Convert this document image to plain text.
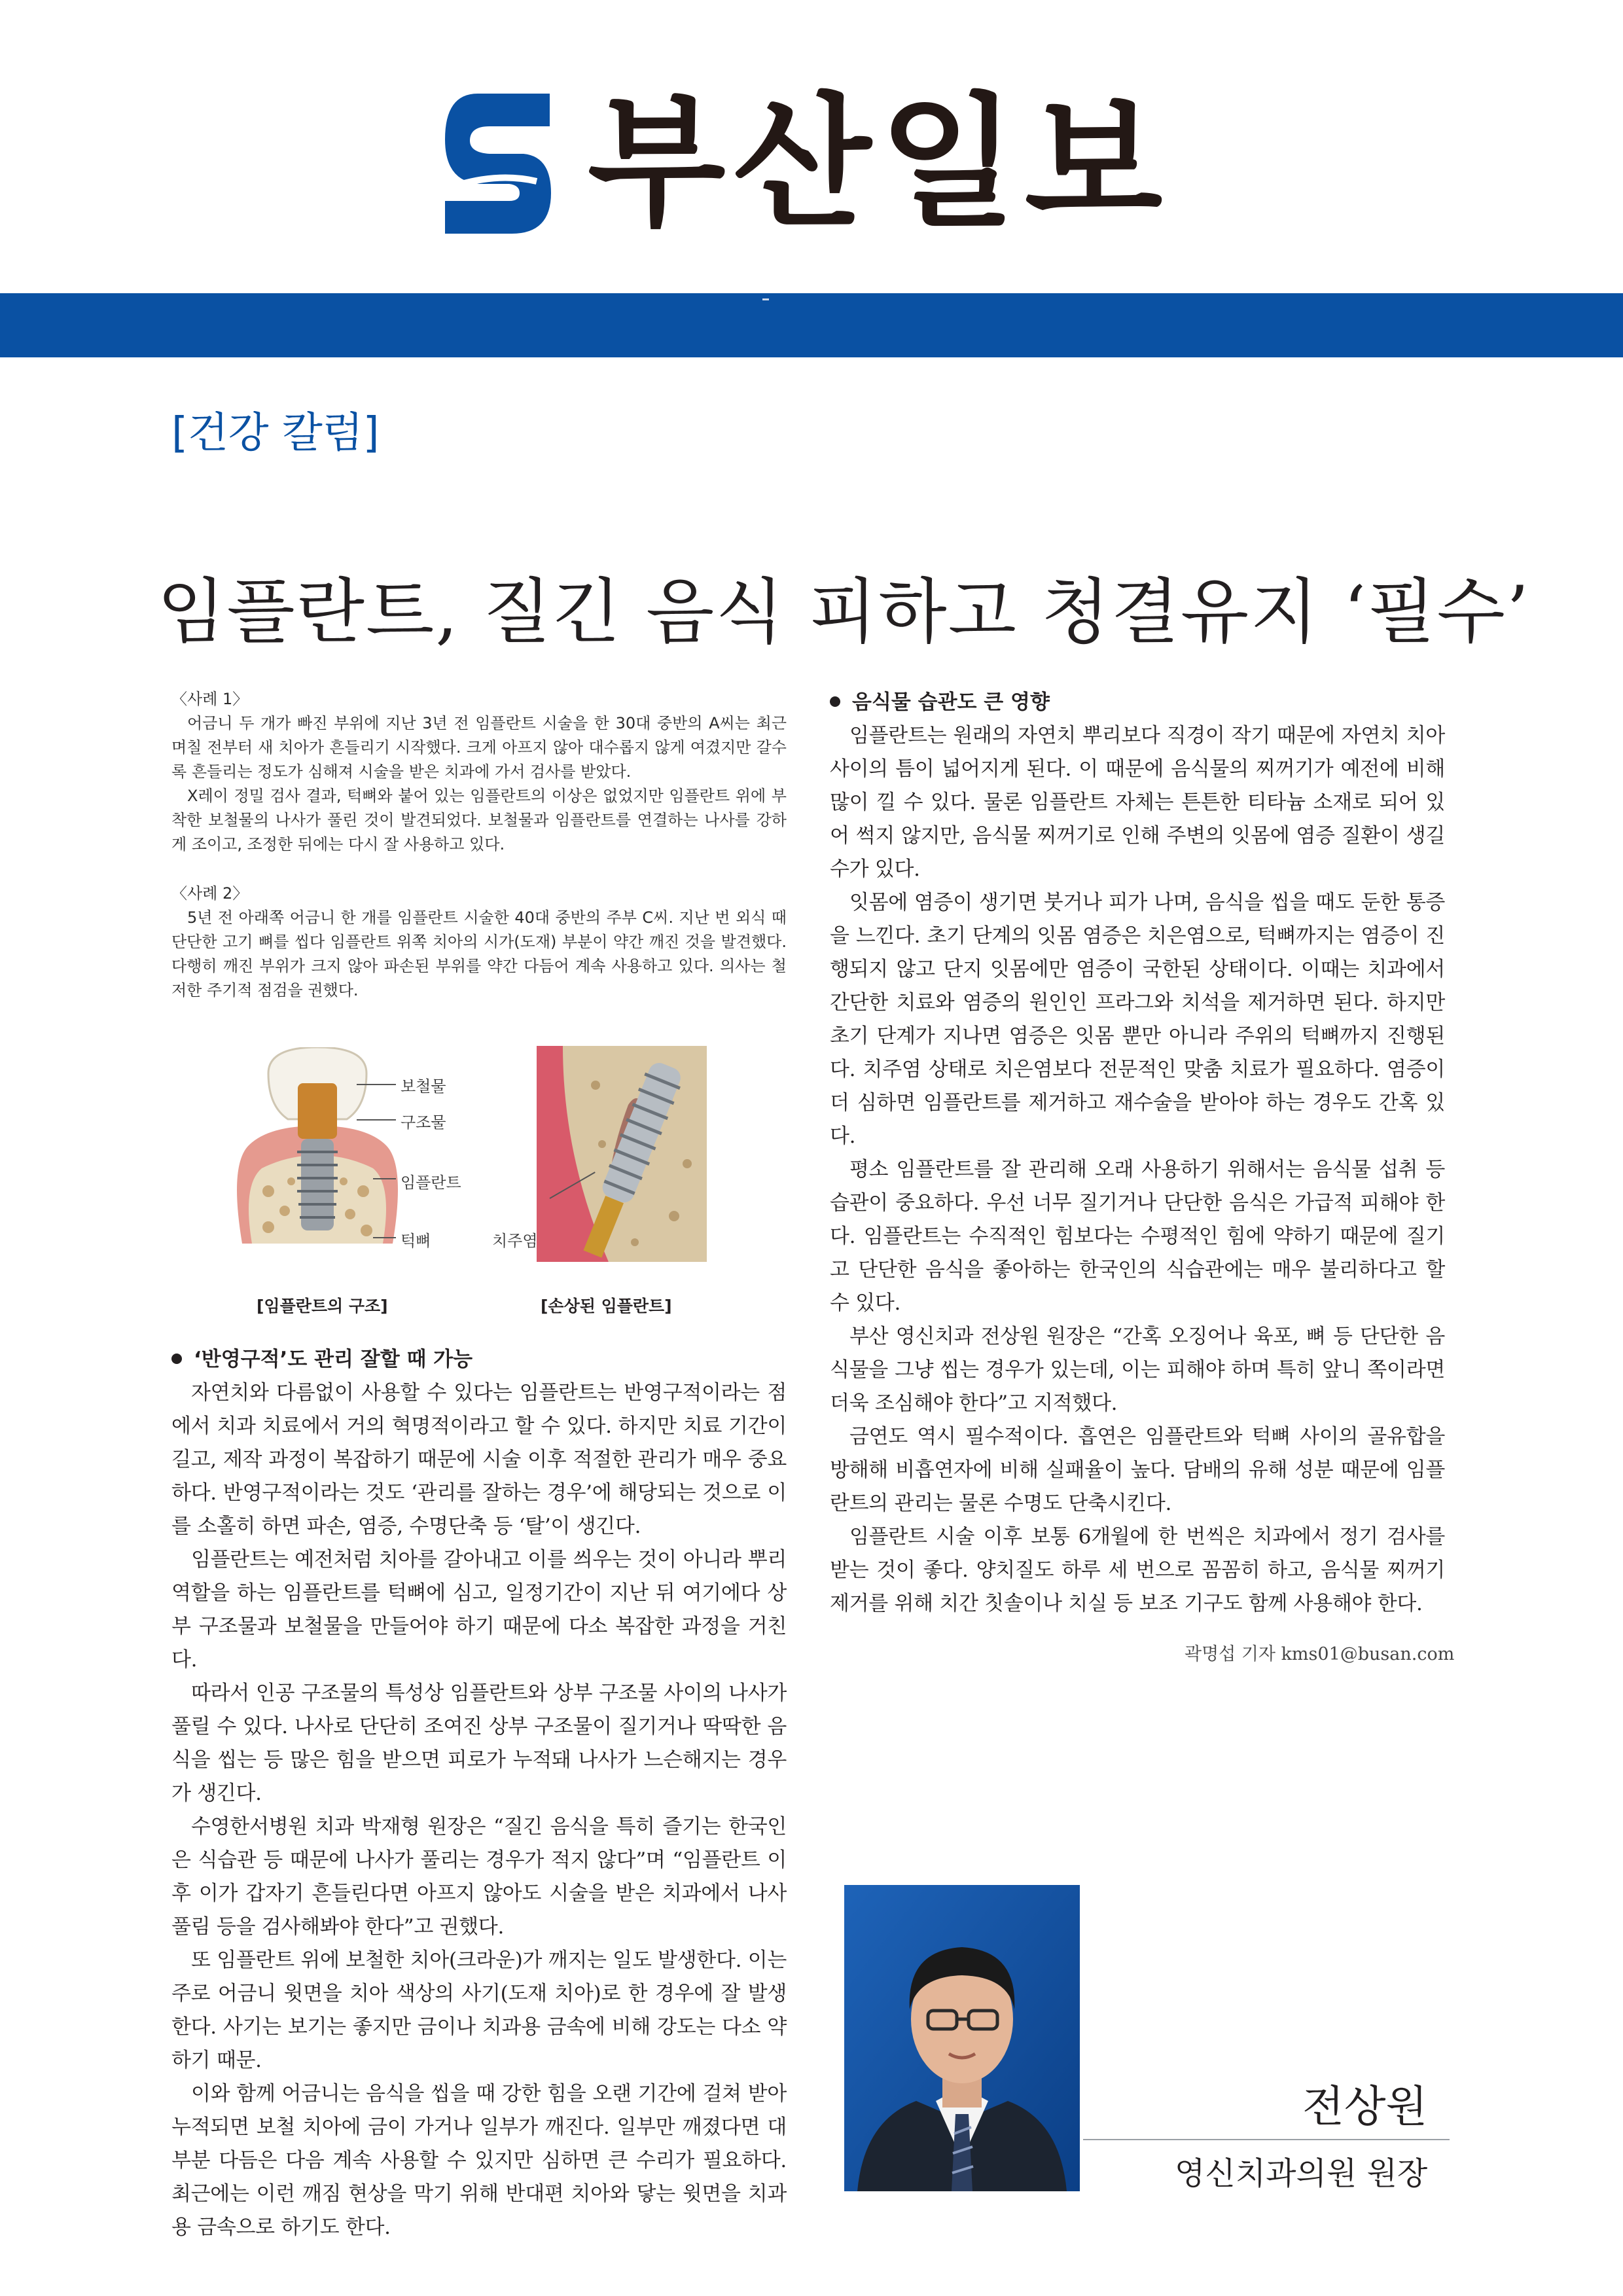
부산일보
[건강 칼럼]
임플란트, 질긴 음식 피하고 청결유지 ‘필수’

〈사례 1〉

어금니 두 개가 빠진 부위에 지난 3년 전 임플란트 시술을 한 30대 중반의 A씨는 최근 며칠 전부터 새 치아가 흔들리기 시작했다. 크게 아프지 않아 대수롭지 않게 여겼지만 갈수록 흔들리는 정도가 심해져 시술을 받은 치과에 가서 검사를 받았다.

X레이 정밀 검사 결과, 턱뼈와 붙어 있는 임플란트의 이상은 없었지만 임플란트 위에 부착한 보철물의 나사가 풀린 것이 발견되었다. 보철물과 임플란트를 연결하는 나사를 강하게 조이고, 조정한 뒤에는 다시 잘 사용하고 있다.

〈사례 2〉

5년 전 아래쪽 어금니 한 개를 임플란트 시술한 40대 중반의 주부 C씨. 지난 번 외식 때 단단한 고기 뼈를 씹다 임플란트 위쪽 치아의 시가(도재) 부분이 약간 깨진 것을 발견했다. 다행히 깨진 부위가 크지 않아 파손된 부위를 약간 다듬어 계속 사용하고 있다. 의사는 철저한 주기적 점검을 권했다.

보철물
구조물
임플란트
턱뼈
[임플란트의 구조]
치주염
[손상된 임플란트]
‘반영구적’도 관리 잘할 때 가능

자연치와 다름없이 사용할 수 있다는 임플란트는 반영구적이라는 점에서 치과 치료에서 거의 혁명적이라고 할 수 있다. 하지만 치료 기간이 길고, 제작 과정이 복잡하기 때문에 시술 이후 적절한 관리가 매우 중요하다. 반영구적이라는 것도 ‘관리를 잘하는 경우’에 해당되는 것으로 이를 소홀히 하면 파손, 염증, 수명단축 등 ‘탈’이 생긴다.

임플란트는 예전처럼 치아를 갈아내고 이를 씌우는 것이 아니라 뿌리 역할을 하는 임플란트를 턱뼈에 심고, 일정기간이 지난 뒤 여기에다 상부 구조물과 보철물을 만들어야 하기 때문에 다소 복잡한 과정을 거친다.

따라서 인공 구조물의 특성상 임플란트와 상부 구조물 사이의 나사가 풀릴 수 있다. 나사로 단단히 조여진 상부 구조물이 질기거나 딱딱한 음식을 씹는 등 많은 힘을 받으면 피로가 누적돼 나사가 느슨해지는 경우가 생긴다.

수영한서병원 치과 박재형 원장은 “질긴 음식을 특히 즐기는 한국인은 식습관 등 때문에 나사가 풀리는 경우가 적지 않다”며 “임플란트 이후 이가 갑자기 흔들린다면 아프지 않아도 시술을 받은 치과에서 나사 풀림 등을 검사해봐야 한다”고 권했다.

또 임플란트 위에 보철한 치아(크라운)가 깨지는 일도 발생한다. 이는 주로 어금니 윗면을 치아 색상의 사기(도재 치아)로 한 경우에 잘 발생한다. 사기는 보기는 좋지만 금이나 치과용 금속에 비해 강도는 다소 약하기 때문.

이와 함께 어금니는 음식을 씹을 때 강한 힘을 오랜 기간에 걸쳐 받아 누적되면 보철 치아에 금이 가거나 일부가 깨진다. 일부만 깨졌다면 대부분 다듬은 다음 계속 사용할 수 있지만 심하면 큰 수리가 필요하다. 최근에는 이런 깨짐 현상을 막기 위해 반대편 치아와 닿는 윗면을 치과용 금속으로 하기도 한다.

음식물 습관도 큰 영향

임플란트는 원래의 자연치 뿌리보다 직경이 작기 때문에 자연치 치아 사이의 틈이 넓어지게 된다. 이 때문에 음식물의 찌꺼기가 예전에 비해 많이 낄 수 있다. 물론 임플란트 자체는 튼튼한 티타늄 소재로 되어 있어 썩지 않지만, 음식물 찌꺼기로 인해 주변의 잇몸에 염증 질환이 생길 수가 있다.

잇몸에 염증이 생기면 붓거나 피가 나며, 음식을 씹을 때도 둔한 통증을 느낀다. 초기 단계의 잇몸 염증은 치은염으로, 턱뼈까지는 염증이 진행되지 않고 단지 잇몸에만 염증이 국한된 상태이다. 이때는 치과에서 간단한 치료와 염증의 원인인 프라그와 치석을 제거하면 된다. 하지만 초기 단계가 지나면 염증은 잇몸 뿐만 아니라 주위의 턱뼈까지 진행된다. 치주염 상태로 치은염보다 전문적인 맞춤 치료가 필요하다. 염증이 더 심하면 임플란트를 제거하고 재수술을 받아야 하는 경우도 간혹 있다.

평소 임플란트를 잘 관리해 오래 사용하기 위해서는 음식물 섭취 등 습관이 중요하다. 우선 너무 질기거나 단단한 음식은 가급적 피해야 한다. 임플란트는 수직적인 힘보다는 수평적인 힘에 약하기 때문에 질기고 단단한 음식을 좋아하는 한국인의 식습관에는 매우 불리하다고 할 수 있다.

부산 영신치과 전상원 원장은 “간혹 오징어나 육포, 뼈 등 단단한 음식물을 그냥 씹는 경우가 있는데, 이는 피해야 하며 특히 앞니 쪽이라면 더욱 조심해야 한다”고 지적했다.

금연도 역시 필수적이다. 흡연은 임플란트와 턱뼈 사이의 골유합을 방해해 비흡연자에 비해 실패율이 높다. 담배의 유해 성분 때문에 임플란트의 관리는 물론 수명도 단축시킨다.

임플란트 시술 이후 보통 6개월에 한 번씩은 치과에서 정기 검사를 받는 것이 좋다. 양치질도 하루 세 번으로 꼼꼼히 하고, 음식물 찌꺼기 제거를 위해 치간 칫솔이나 치실 등 보조 기구도 함께 사용해야 한다.

곽명섭 기자 kms01@busan.com
전상원
영신치과의원 원장
